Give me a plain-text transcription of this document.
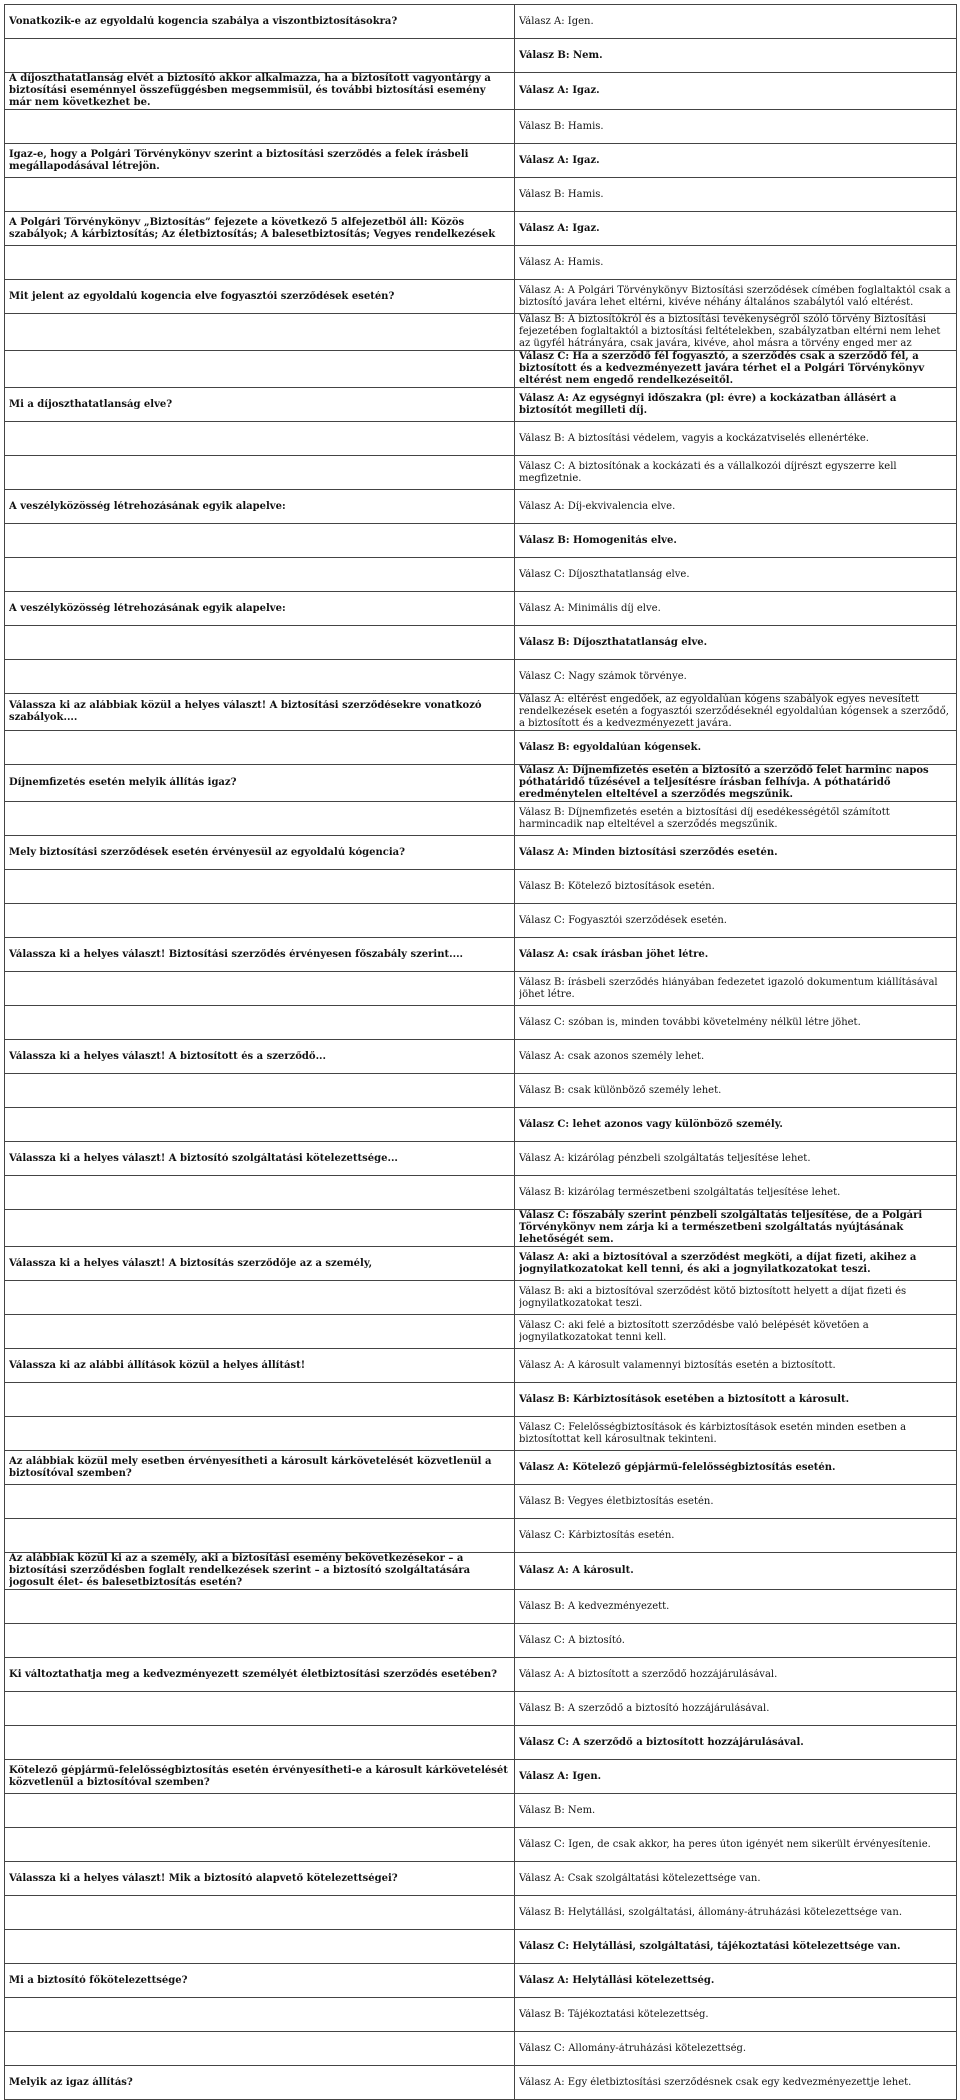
Vonatkozik-e az egyoldalú kogencia szabálya a viszontbiztosításokra?	Válasz A: Igen.

	Válasz B: Nem.

A díjoszthatatlanság elvét a biztosító akkor alkalmazza, ha a biztosított vagyontárgy a biztosítási eseménnyel összefüggésben megsemmisül, és további biztosítási esemény már nem következhet be.	Válasz A: Igaz.

	Válasz B: Hamis.

Igaz-e, hogy a Polgári Törvénykönyv szerint a biztosítási szerződés a felek írásbeli megállapodásával létrejön.	Válasz A: Igaz.

	Válasz B: Hamis.

A Polgári Törvénykönyv „Biztosítás” fejezete a következő 5 alfejezetből áll: Közös szabályok; A kárbiztosítás; Az életbiztosítás; A balesetbiztosítás; Vegyes rendelkezések	Válasz A: Igaz.

	Válasz A: Hamis.

Mit jelent az egyoldalú kogencia elve fogyasztói szerződések esetén?	Válasz A: A Polgári Törvénykönyv Biztosítási szerződések címében foglaltaktól csak a biztosító javára lehet eltérni, kivéve néhány általános szabálytól való eltérést.

	Válasz B: A biztosítókról és a biztosítási tevékenységről szóló törvény Biztosítási fejezetében foglaltaktól a biztosítási feltételekben, szabályzatban eltérni nem lehet az ügyfél hátrányára, csak javára, kivéve, ahol másra a törvény enged mer az

	Válasz C: Ha a szerződő fél fogyasztó, a szerződés csak a szerződő fél, a biztosított és a kedvezményezett javára térhet el a Polgári Törvénykönyv eltérést nem engedő rendelkezéseitől.

Mi a díjoszthatatlanság elve?	Válasz A: Az egységnyi időszakra (pl: évre) a kockázatban állásért a biztosítót megilleti díj.

	Válasz B: A biztosítási védelem, vagyis a kockázatviselés ellenértéke.

	Válasz C: A biztosítónak a kockázati és a vállalkozói díjrészt egyszerre kell megfizetnie.

A veszélyközösség létrehozásának egyik alapelve:	Válasz A: Díj-ekvivalencia elve.

	Válasz B: Homogenitás elve.

	Válasz C: Díjoszthatatlanság elve.

A veszélyközösség létrehozásának egyik alapelve:	Válasz A: Minimális díj elve.

	Válasz B: Díjoszthatatlanság elve.

	Válasz C: Nagy számok törvénye.

Válassza ki az alábbiak közül a helyes választ! A biztosítási szerződésekre vonatkozó szabályok....	Válasz A: eltérést engedőek, az egyoldalúan kógens szabályok egyes nevesített rendelkezések esetén a fogyasztói szerződéseknél egyoldalúan kógensek a szerződő, a biztosított és a kedvezményezett javára.

	Válasz B: egyoldalúan kógensek.

Díjnemfizetés esetén melyik állítás igaz?	Válasz A: Díjnemfizetés esetén a biztosító a szerződő felet harminc napos póthatáridő tűzésével a teljesítésre írásban felhívja. A póthatáridő eredménytelen elteltével a szerződés megszűnik.

	Válasz B: Díjnemfizetés esetén a biztosítási díj esedékességétől számított harmincadik nap elteltével a szerződés megszűnik.

Mely biztosítási szerződések esetén érvényesül az egyoldalú kógencia?	Válasz A: Minden biztosítási szerződés esetén.

	Válasz B: Kötelező biztosítások esetén.

	Válasz C: Fogyasztói szerződések esetén.

Válassza ki a helyes választ! Biztosítási szerződés érvényesen főszabály szerint....	Válasz A: csak írásban jöhet létre.

	Válasz B: írásbeli szerződés hiányában fedezetet igazoló dokumentum kiállításával jöhet létre.

	Válasz C: szóban is, minden további követelmény nélkül létre jöhet.

Válassza ki a helyes választ! A biztosított és a szerződő...	Válasz A: csak azonos személy lehet.

	Válasz B: csak különböző személy lehet.

	Válasz C: lehet azonos vagy különböző személy.

Válassza ki a helyes választ! A biztosító szolgáltatási kötelezettsége...	Válasz A: kizárólag pénzbeli szolgáltatás teljesítése lehet.

	Válasz B: kizárólag természetbeni szolgáltatás teljesítése lehet.

	Válasz C: főszabály szerint pénzbeli szolgáltatás teljesítése, de a Polgári Törvénykönyv nem zárja ki a természetbeni szolgáltatás nyújtásának lehetőségét sem.

Válassza ki a helyes választ! A biztosítás szerződője az a személy,	Válasz A: aki a biztosítóval a szerződést megköti, a díjat fizeti, akihez a jognyilatkozatokat kell tenni, és aki a jognyilatkozatokat teszi.

	Válasz B: aki a biztosítóval szerződést kötő biztosított helyett a díjat fizeti és jognyilatkozatokat teszi.

	Válasz C: aki felé a biztosított szerződésbe való belépését követően a jognyilatkozatokat tenni kell.

Válassza ki az alábbi állítások közül a helyes állítást!	Válasz A: A károsult valamennyi biztosítás esetén a biztosított.

	Válasz B: Kárbiztosítások esetében a biztosított a károsult.

	Válasz C: Felelősségbiztosítások és kárbiztosítások esetén minden esetben a biztosítottat kell károsultnak tekinteni.

Az alábbiak közül mely esetben érvényesítheti a károsult kárkövetelését közvetlenül a biztosítóval szemben?	Válasz A: Kötelező gépjármű-felelősségbiztosítás esetén.

	Válasz B: Vegyes életbiztosítás esetén.

	Válasz C: Kárbiztosítás esetén.

Az alábbiak közül ki az a személy, aki a biztosítási esemény bekövetkezésekor – a biztosítási szerződésben foglalt rendelkezések szerint – a biztosító szolgáltatására jogosult élet- és balesetbiztosítás esetén?	Válasz A: A károsult.

	Válasz B: A kedvezményezett.

	Válasz C: A biztosító.

Ki változtathatja meg a kedvezményezett személyét életbiztosítási szerződés esetében?	Válasz A: A biztosított a szerződő hozzájárulásával.

	Válasz B: A szerződő a biztosító hozzájárulásával.

	Válasz C: A szerződő a biztosított hozzájárulásával.

Kötelező gépjármű-felelősségbiztosítás esetén érvényesítheti-e a károsult kárkövetelését közvetlenül a biztosítóval szemben?	Válasz A: Igen.

	Válasz B: Nem.

	Válasz C: Igen, de csak akkor, ha peres úton igényét nem sikerült érvényesítenie.

Válassza ki a helyes választ! Mik a biztosító alapvető kötelezettségei?	Válasz A: Csak szolgáltatási kötelezettsége van.

	Válasz B: Helytállási, szolgáltatási, állomány-átruházási kötelezettsége van.

	Válasz C: Helytállási, szolgáltatási, tájékoztatási kötelezettsége van.

Mi a biztosító főkötelezettsége?	Válasz A: Helytállási kötelezettség.

	Válasz B: Tájékoztatási kötelezettség.

	Válasz C: Állomány-átruházási kötelezettség.

Melyik az igaz állítás?	Válasz A: Egy életbiztosítási szerződésnek csak egy kedvezményezettje lehet.
